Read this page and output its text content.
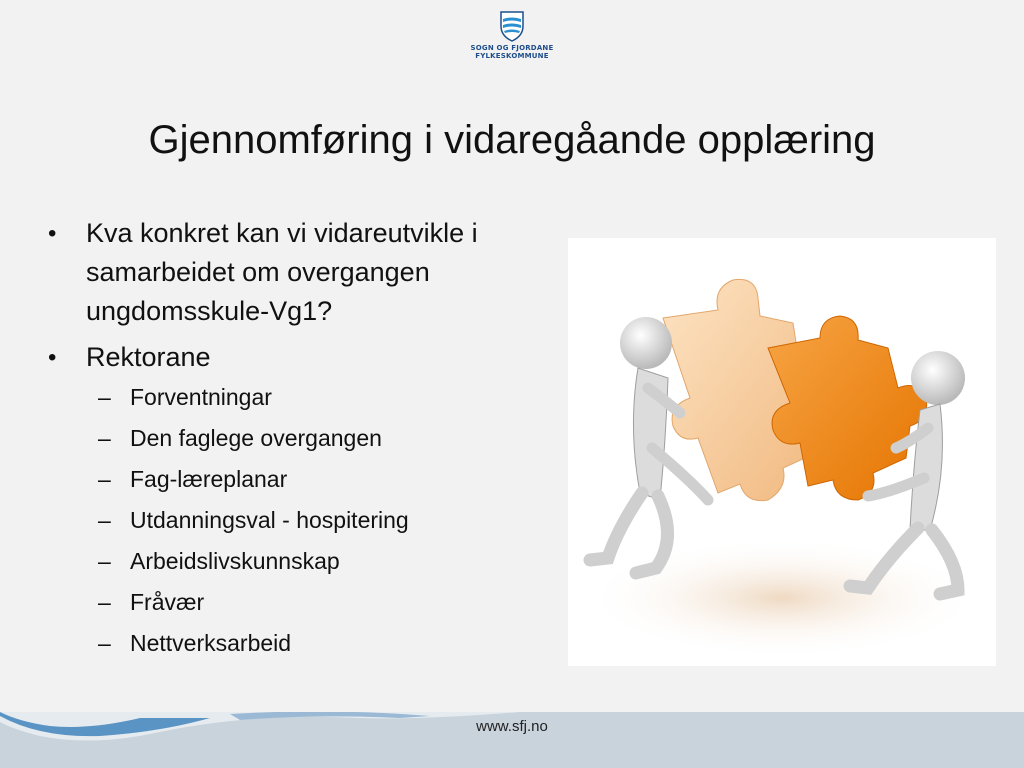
SOGN OG FJORDANE
FYLKESKOMMUNE
Gjennomføring i vidaregåande opplæring
• Kva konkret kan vi vidareutvikle i samarbeidet om overgangen ungdomsskule-Vg1?
• Rektorane
– Forventningar
– Den faglege overgangen
– Fag-læreplanar
– Utdanningsval - hospitering
– Arbeidslivskunnskap
– Fråvær
– Nettverksarbeid
www.sfj.no
